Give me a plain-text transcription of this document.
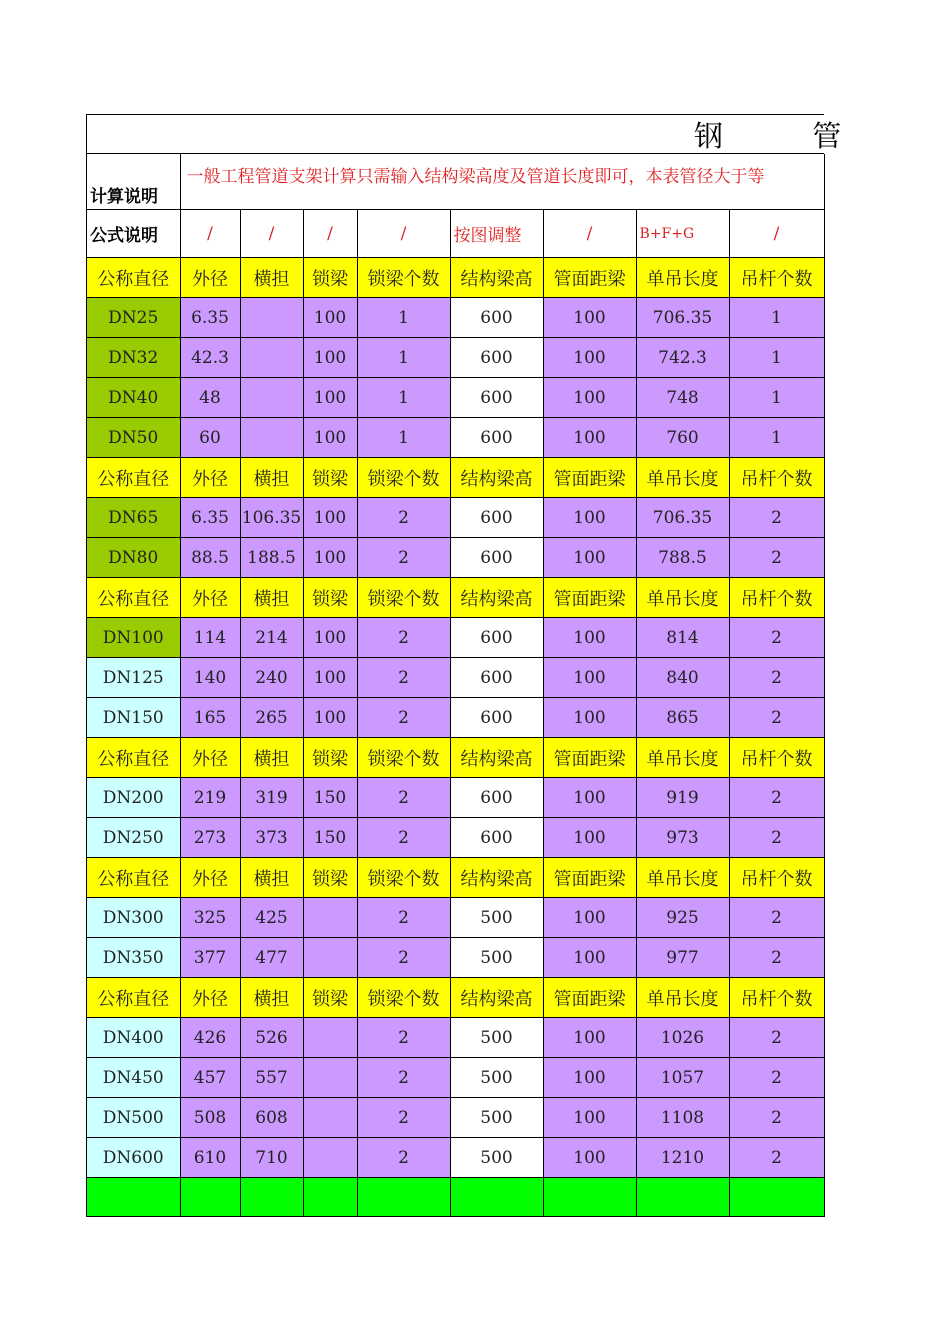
钢 管
计算说明	一般工程管道支架计算只需输入结构梁高度及管道长度即可，本表管径大于等							
公式说明	/	/	/	/	按图调整	/	B+F+G	/
公称直径	外径	横担	锁梁	锁梁个数	结构梁高	管面距梁	单吊长度	吊杆个数
DN25	6.35		100	1	600	100	706.35	1
DN32	42.3		100	1	600	100	742.3	1
DN40	48		100	1	600	100	748	1
DN50	60		100	1	600	100	760	1
公称直径	外径	横担	锁梁	锁梁个数	结构梁高	管面距梁	单吊长度	吊杆个数
DN65	6.35	106.35	100	2	600	100	706.35	2
DN80	88.5	188.5	100	2	600	100	788.5	2
公称直径	外径	横担	锁梁	锁梁个数	结构梁高	管面距梁	单吊长度	吊杆个数
DN100	114	214	100	2	600	100	814	2
DN125	140	240	100	2	600	100	840	2
DN150	165	265	100	2	600	100	865	2
公称直径	外径	横担	锁梁	锁梁个数	结构梁高	管面距梁	单吊长度	吊杆个数
DN200	219	319	150	2	600	100	919	2
DN250	273	373	150	2	600	100	973	2
公称直径	外径	横担	锁梁	锁梁个数	结构梁高	管面距梁	单吊长度	吊杆个数
DN300	325	425		2	500	100	925	2
DN350	377	477		2	500	100	977	2
公称直径	外径	横担	锁梁	锁梁个数	结构梁高	管面距梁	单吊长度	吊杆个数
DN400	426	526		2	500	100	1026	2
DN450	457	557		2	500	100	1057	2
DN500	508	608		2	500	100	1108	2
DN600	610	710		2	500	100	1210	2
